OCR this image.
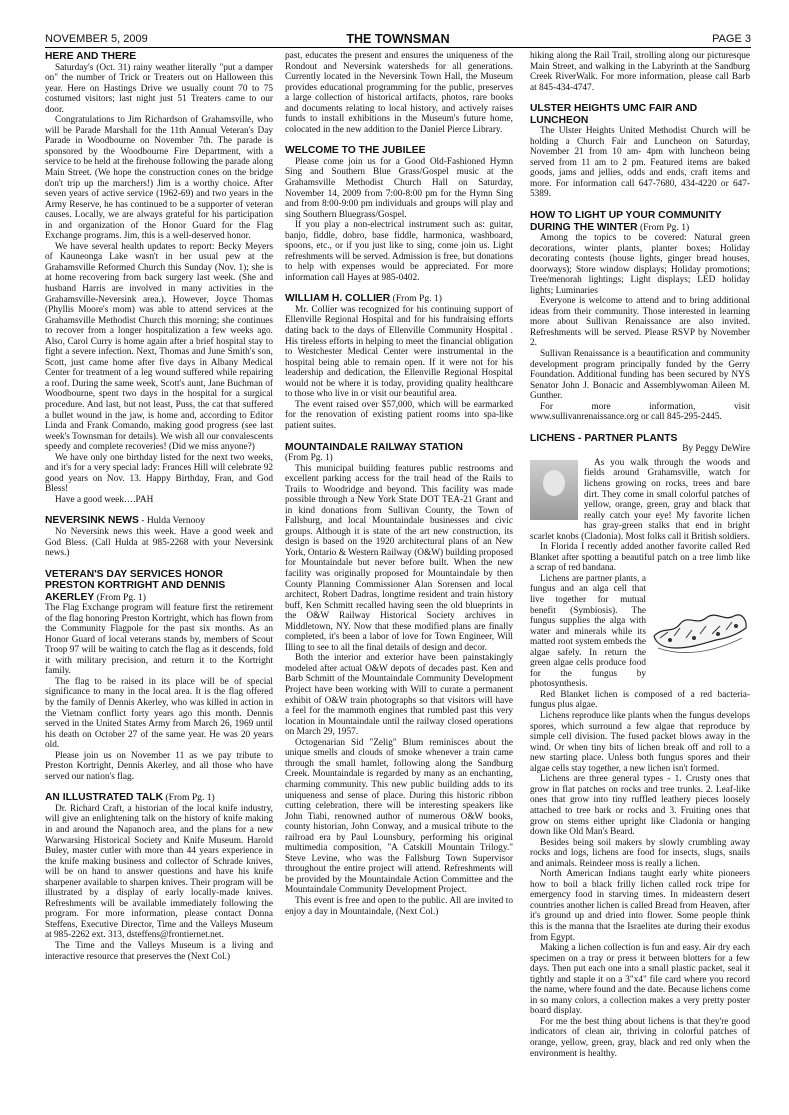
NOVEMBER 5, 2009	THE TOWNSMAN	PAGE 3
HERE AND THERE

Saturday's (Oct. 31) rainy weather literally "put a damper on" the number of Trick or Treaters out on Halloween this year. Here on Hastings Drive we usually count 70 to 75 costumed visitors; last night just 51 Treaters came to our door.

Congratulations to Jim Richardson of Grahamsville, who will be Parade Marshall for the 11th Annual Veteran's Day Parade in Woodbourne on November 7th. The parade is sponsored by the Woodbourne Fire Department, with a service to be held at the firehouse following the parade along Main Street. (We hope the construction cones on the bridge don't trip up the marchers!) Jim is a worthy choice. After seven years of active service (1962-69) and two years in the Army Reserve, he has continued to be a supporter of veteran causes. Locally, we are always grateful for his participation in and organization of the Honor Guard for the Flag Exchange programs. Jim, this is a well-deserved honor.

We have several health updates to report: Becky Meyers of Kauneonga Lake wasn't in her usual pew at the Grahamsville Reformed Church this Sunday (Nov. 1); she is at home recovering from back surgery last week. (She and husband Harris are involved in many activities in the Grahamsville-Neversink area.). However, Joyce Thomas (Phyllis Moore's mom) was able to attend services at the Grahamsville Methodist Church this morning; she continues to recover from a longer hospitalization a few weeks ago. Also, Carol Curry is home again after a brief hospital stay to fight a severe infection. Next, Thomas and June Smith's son, Scott, just came home after five days in Albany Medical Center for treatment of a leg wound suffered while repairing a roof. During the same week, Scott's aunt, Jane Buchman of Woodbourne, spent two days in the hospital for a surgical procedure. And last, but not least, Puss, the cat that suffered a bullet wound in the jaw, is home and, according to Editor Linda and Frank Comando, making good progress (see last week's Townsman for details). We wish all our convalescents speedy and complete recoveries! (Did we miss anyone?)

We have only one birthday listed for the next two weeks, and it's for a very special lady: Frances Hill will celebrate 92 good years on Nov. 13. Happy Birthday, Fran, and God Bless!

Have a good week….PAH

NEVERSINK NEWS - Hulda Vernooy

No Neversink news this week. Have a good week and God Bless. (Call Hulda at 985-2268 with your Neversink news.)

VETERAN'S DAY SERVICES HONOR PRESTON KORTRIGHT AND DENNIS AKERLEY (From Pg. 1)

The Flag Exchange program will feature first the retirement of the flag honoring Preston Kortright, which has flown from the Community Flagpole for the past six months. As an Honor Guard of local veterans stands by, members of Scout Troop 97 will be waiting to catch the flag as it descends, fold it with military precision, and return it to the Kortright family.

The flag to be raised in its place will be of special significance to many in the local area. It is the flag offered by the family of Dennis Akerley, who was killed in action in the Vietnam conflict forty years ago this month. Dennis served in the United States Army from March 26, 1969 until his death on October 27 of the same year. He was 20 years old.

Please join us on November 11 as we pay tribute to Preston Kortright, Dennis Akerley, and all those who have served our nation's flag.

AN ILLUSTRATED TALK (From Pg. 1)

Dr. Richard Craft, a historian of the local knife industry, will give an enlightening talk on the history of knife making in and around the Napanoch area, and the plans for a new Warwarsing Historical Society and Knife Museum. Harold Buley, master cutler with more than 44 years experience in the knife making business and collector of Schrade knives, will be on hand to answer questions and have his knife sharpener available to sharpen knives. Their program will be illustrated by a display of early locally-made knives. Refreshments will be available immediately following the program. For more information, please contact Donna Steffens, Executive Director, Time and the Valleys Museum at 985-2262 ext. 313, dsteffens@frontiernet.net.

The Time and the Valleys Museum is a living and interactive resource that preserves the (Next Col.)

past, educates the present and ensures the uniqueness of the Rondout and Neversink watersheds for all generations. Currently located in the Neversink Town Hall, the Museum provides educational programming for the public, preserves a large collection of historical artifacts, photos, rare books and documents relating to local history, and actively raises funds to install exhibitions in the Museum's future home, colocated in the new addition to the Daniel Pierce Library.

WELCOME TO THE JUBILEE

Please come join us for a Good Old-Fashioned Hymn Sing and Southern Blue Grass/Gospel music at the Grahamsville Methodist Church Hall on Saturday, November 14, 2009 from 7:00-8:00 pm for the Hymn Sing and from 8:00-9:00 pm individuals and groups will play and sing Southern Bluegrass/Gospel.

If you play a non-electrical instrument such as: guitar, banjo, fiddle, dobro, base fiddle, harmonica, washboard, spoons, etc., or if you just like to sing, come join us. Light refreshments will be served. Admission is free, but donations to help with expenses would be appreciated. For more information call Hayes at 985-0402.

WILLIAM H. COLLIER (From Pg. 1)

Mr. Collier was recognized for his continuing support of Ellenville Regional Hospital and for his fundraising efforts dating back to the days of Ellenville Community Hospital . His tireless efforts in helping to meet the financial obligation to Westchester Medical Center were instrumental in the hospital being able to remain open. If it were not for his leadership and dedication, the Ellenville Regional Hospital would not be where it is today, providing quality healthcare to those who live in or visit our beautiful area.

The event raised over $57,000, which will be earmarked for the renovation of existing patient rooms into spa-like patient suites.

MOUNTAINDALE RAILWAY STATION

(From Pg. 1)

This municipal building features public restrooms and excellent parking access for the trail head of the Rails to Trails to Woodridge and beyond. This facility was made possible through a New York State DOT TEA-21 Grant and in kind donations from Sullivan County, the Town of Fallsburg, and local Mountaindale businesses and civic groups. Although it is state of the art new construction, its design is based on the 1920 architectural plans of an New York, Ontario & Western Railway (O&W) building proposed for Mountaindale but never before built. When the new facility was originally proposed for Mountaindale by then County Planning Commissioner Alan Sorensen and local architect, Robert Dadras, longtime resident and train history buff, Ken Schmitt recalled having seen the old blueprints in the O&W Railway Historical Society archives in Middletown, NY. Now that these modified plans are finally completed, it's been a labor of love for Town Engineer, Will Illing to see to all the final details of design and decor.

Both the interior and exterior have been painstakingly modeled after actual O&W depots of decades past. Ken and Barb Schmitt of the Mountaindale Community Development Project have been working with Will to curate a permanent exhibit of O&W train photographs so that visitors will have a feel for the mammoth engines that rumbled past this very location in Mountaindale until the railway closed operations on March 29, 1957.

Octogenarian Sid "Zelig" Blum reminisces about the unique smells and clouds of smoke whenever a train came through the small hamlet, following along the Sandburg Creek. Mountaindale is regarded by many as an enchanting, charming community. This new public building adds to its uniqueness and sense of place. During this historic ribbon cutting celebration, there will be interesting speakers like John Tiabi, renowned author of numerous O&W books, county historian, John Conway, and a musical tribute to the railroad era by Paul Lounsbury, performing his original multimedia composition, "A Catskill Mountain Trilogy." Steve Levine, who was the Fallsburg Town Supervisor throughout the entire project will attend. Refreshments will be provided by the Mountaindale Action Committee and the Mountaindale Community Development Project.

This event is free and open to the public. All are invited to enjoy a day in Mountaindale, (Next Col.)

hiking along the Rail Trail, strolling along our picturesque Main Street, and walking in the Labyrinth at the Sandburg Creek RiverWalk. For more information, please call Barb at 845-434-4747.

ULSTER HEIGHTS UMC FAIR AND LUNCHEON

The Ulster Heights United Methodist Church will be holding a Church Fair and Luncheon on Saturday, November 21 from 10 am- 4pm with luncheon being served from 11 am to 2 pm. Featured items are baked goods, jams and jellies, odds and ends, craft items and more. For information call 647-7680, 434-4220 or 647-5389.

HOW TO LIGHT UP YOUR COMMUNITY DURING THE WINTER (From Pg. 1)

Among the topics to be covered: Natural green decorations, winter plants, planter boxes; Holiday decorating contests (house lights, ginger bread houses, doorways); Store window displays; Holiday promotions; Tree/menorah lightings; Light displays; LED holiday lights; Luminaries

Everyone is welcome to attend and to bring additional ideas from their community. Those interested in learning more about Sullivan Renaissance are also invited. Refreshments will be served. Please RSVP by November 2.

Sullivan Renaissance is a beautification and community development program principally funded by the Gerry Foundation. Additional funding has been secured by NYS Senator John J. Bonacic and Assemblywoman Aileen M. Gunther.

For more information, visit www.sullivanrenaissance.org or call 845-295-2445.

LICHENS - PARTNER PLANTS
By Peggy DeWire

As you walk through the woods and fields around Grahamsville, watch for lichens growing on rocks, trees and bare dirt. They come in small colorful patches of yellow, orange, green, gray and black that really catch your eye! My favorite lichen has gray-green stalks that end in bright scarlet knobs (Cladonia). Most folks call it British soldiers.

In Florida I recently added another favorite called Red Blanket after spotting a beautiful patch on a tree limb like a scrap of red bandana.

Lichens are partner plants, a fungus and an alga cell that live together for mutual benefit (Symbiosis). The fungus supplies the alga with water and minerals while its matted root system embeds the algae safely. In return the green algae cells produce food for the fungus by photosynthesis.

Red Blanket lichen is composed of a red bacteria-fungus plus algae.

Lichens reproduce like plants when the fungus develops spores, which surround a few algae that reproduce by simple cell division. The fused packet blows away in the wind. Or when tiny bits of lichen break off and roll to a new starting place. Unless both fungus spores and their algae cells stay together, a new lichen isn't formed.

Lichens are three general types - 1. Crusty ones that grow in flat patches on rocks and tree trunks. 2. Leaf-like ones that grow into tiny ruffled leathery pieces loosely attached to tree bark or rocks and 3. Fruiting ones that grow on stems either upright like Cladonia or hanging down like Old Man's Beard.

Besides being soil makers by slowly crumbling away rocks and logs, lichens are food for insects, slugs, snails and animals. Reindeer moss is really a lichen.

North American Indians taught early white pioneers how to boil a black frilly lichen called rock tripe for emergency food in starving times. In mideastern desert countries another lichen is called Bread from Heaven, after it's ground up and dried into flower. Some people think this is the manna that the Israelites ate during their exodus from Egypt.

Making a lichen collection is fun and easy. Air dry each specimen on a tray or press it between blotters for a few days. Then put each one into a small plastic packet, seal it tightly and staple it on a 3"x4" file card where you record the name, where found and the date. Because lichens come in so many colors, a collection makes a very pretty poster board display.

For me the best thing about lichens is that they're good indicators of clean air, thriving in colorful patches of orange, yellow, green, gray, black and red only when the environment is healthy.
